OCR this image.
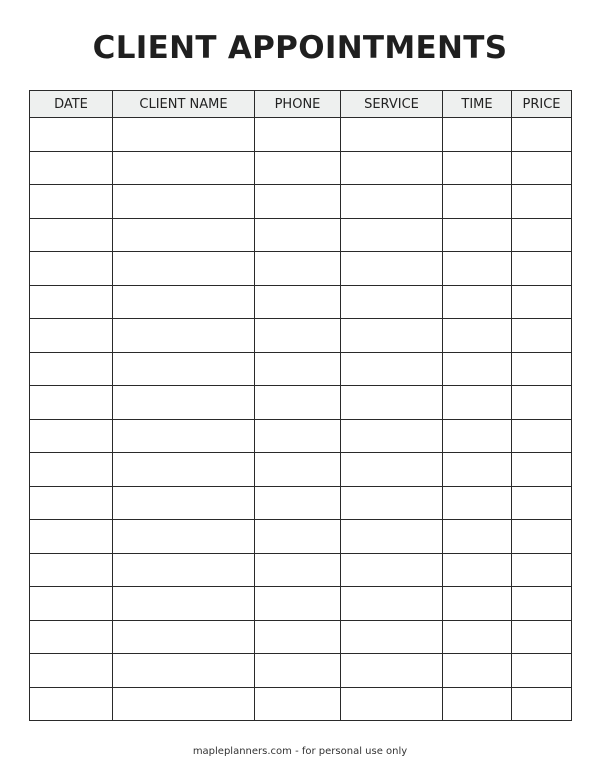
CLIENT APPOINTMENTS
DATE	CLIENT NAME	PHONE	SERVICE	TIME	PRICE

mapleplanners.com - for personal use only
